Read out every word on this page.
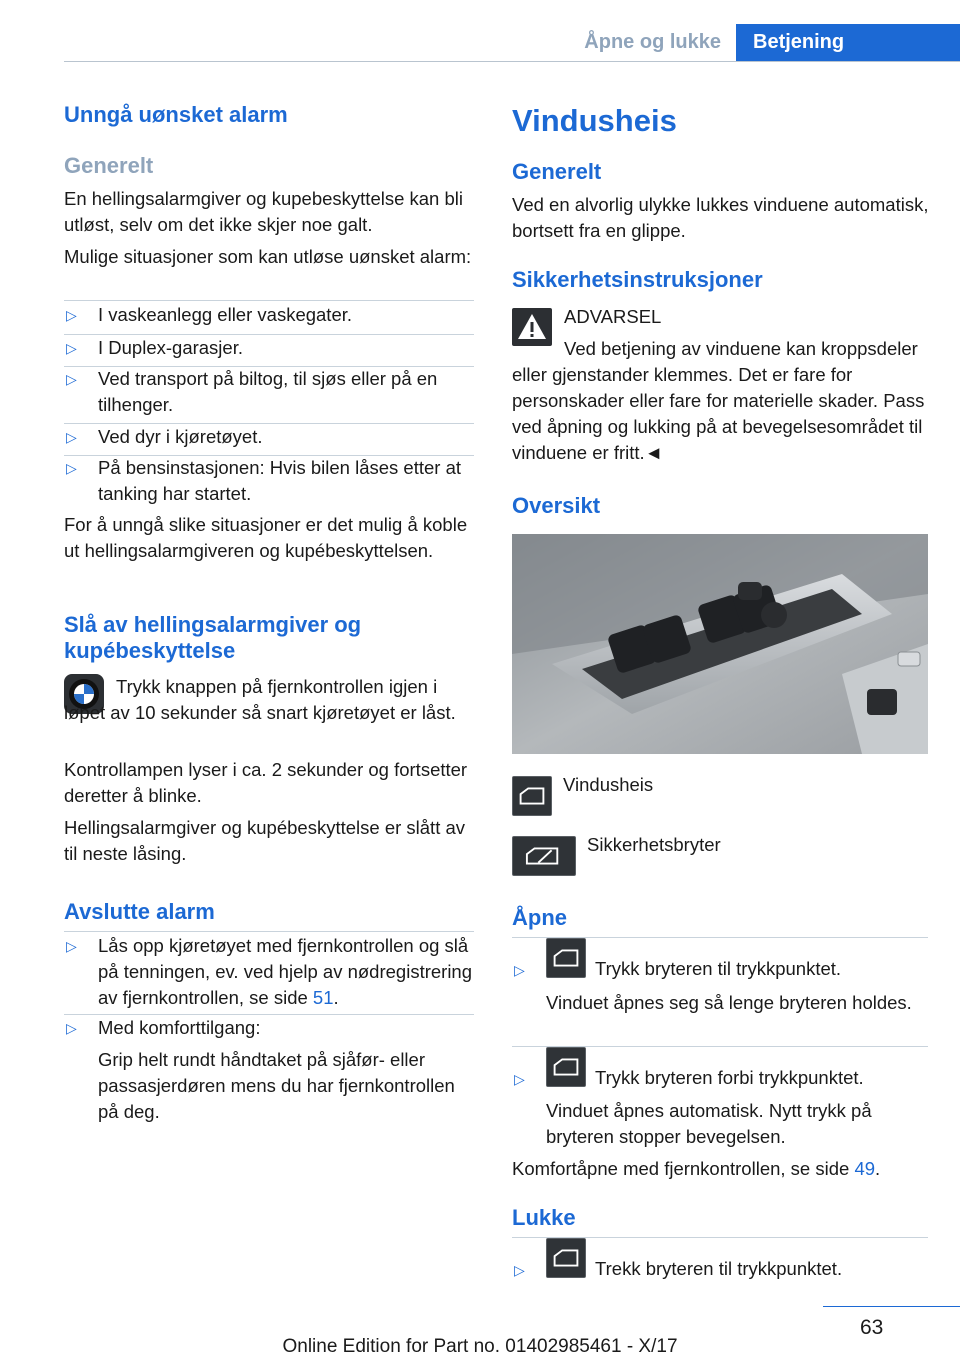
Åpne og lukke	Betjening
Unngå uønsket alarm
Generelt
En hellingsalarmgiver og kupebeskyttelse kan bli utløst, selv om det ikke skjer noe galt.
Mulige situasjoner som kan utløse uønsket alarm:
▷ I vaskeanlegg eller vaskegater.
▷ I Duplex-garasjer.
▷ Ved transport på biltog, til sjøs eller på en tilhenger.
▷ Ved dyr i kjøretøyet.
▷ På bensinstasjonen: Hvis bilen låses etter at tanking har startet.
For å unngå slike situasjoner er det mulig å koble ut hellingsalarmgiveren og kupébeskyttelsen.
Slå av hellingsalarmgiver og kupébeskyttelse
Trykk knappen på fjernkontrollen igjen i løpet av 10 sekunder så snart kjøretøyet er låst.
Kontrollampen lyser i ca. 2 sekunder og fortsetter deretter å blinke.
Hellingsalarmgiver og kupébeskyttelse er slått av til neste låsing.
Avslutte alarm
▷ Lås opp kjøretøyet med fjernkontrollen og slå på tenningen, ev. ved hjelp av nødregistrering av fjernkontrollen, se side 51.
▷ Med komforttilgang:
Grip helt rundt håndtaket på sjåfør- eller passasjerdøren mens du har fjernkontrollen på deg.
Vindusheis
Generelt
Ved en alvorlig ulykke lukkes vinduene automatisk, bortsett fra en glippe.
Sikkerhetsinstruksjoner
ADVARSEL
Ved betjening av vinduene kan kroppsdeler eller gjenstander klemmes. Det er fare for personskader eller fare for materielle skader. Pass ved åpning og lukking på at bevegelsesområdet til vinduene er fritt.◄
Oversikt
Vindusheis
Sikkerhetsbryter
Åpne
▷	Trykk bryteren til trykkpunktet.
Vinduet åpnes seg så lenge bryteren holdes.
▷	Trykk bryteren forbi trykkpunktet.
Vinduet åpnes automatisk. Nytt trykk på bryteren stopper bevegelsen.
Komfortåpne med fjernkontrollen, se side 49.
Lukke
▷	Trekk bryteren til trykkpunktet.
63
Online Edition for Part no. 01402985461 - X/17
